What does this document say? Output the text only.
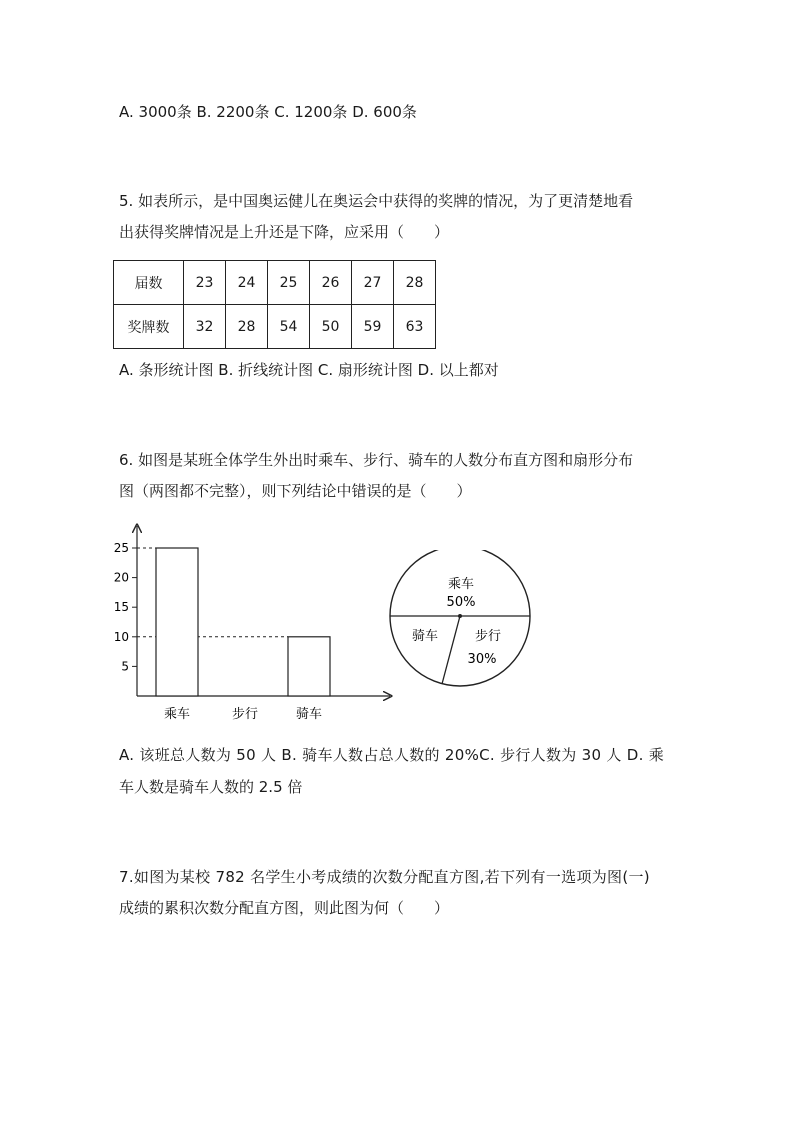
A. 3000条 B. 2200条 C. 1200条 D. 600条
5. 如表所示，是中国奥运健儿在奥运会中获得的奖牌的情况，为了更清楚地看
出获得奖牌情况是上升还是下降，应采用（　　）
届数	23	24	25	26	27	28
奖牌数	32	28	54	50	59	63
A. 条形统计图 B. 折线统计图 C. 扇形统计图 D. 以上都对
6. 如图是某班全体学生外出时乘车、步行、骑车的人数分布直方图和扇形分布
图（两图都不完整），则下列结论中错误的是（　　）
5
10
15
20
25
乘车	步行	骑车
乘车
50%
骑车	步行
30%
A. 该班总人数为 50 人 B. 骑车人数占总人数的 20%C. 步行人数为 30 人 D. 乘
车人数是骑车人数的 2.5 倍
7.如图为某校 782 名学生小考成绩的次数分配直方图,若下列有一选项为图(一)
成绩的累积次数分配直方图，则此图为何（　　）
